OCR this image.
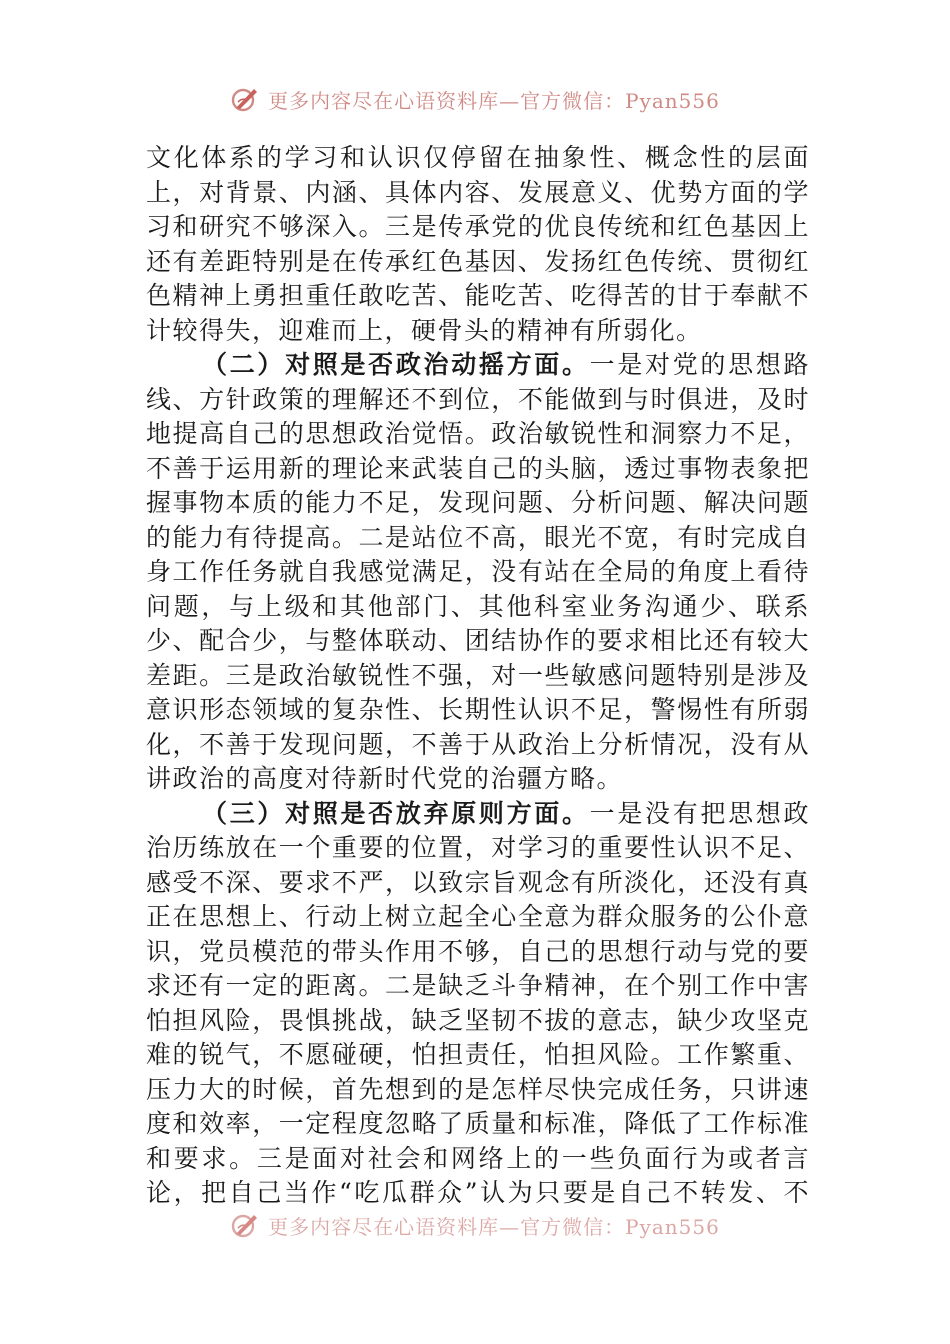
更多内容尽在心语资料库—官方微信：Pyan556

文化体系的学习和认识仅停留在抽象性、概念性的层面上，对背景、内涵、具体内容、发展意义、优势方面的学习和研究不够深入。三是传承党的优良传统和红色基因上还有差距特别是在传承红色基因、发扬红色传统、贯彻红色精神上勇担重任敢吃苦、能吃苦、吃得苦的甘于奉献不计较得失，迎难而上，硬骨头的精神有所弱化。

（二）对照是否政治动摇方面。一是对党的思想路线、方针政策的理解还不到位，不能做到与时俱进，及时地提高自己的思想政治觉悟。政治敏锐性和洞察力不足，不善于运用新的理论来武装自己的头脑，透过事物表象把握事物本质的能力不足，发现问题、分析问题、解决问题的能力有待提高。二是站位不高，眼光不宽，有时完成自身工作任务就自我感觉满足，没有站在全局的角度上看待问题，与上级和其他部门、其他科室业务沟通少、联系少、配合少，与整体联动、团结协作的要求相比还有较大差距。三是政治敏锐性不强，对一些敏感问题特别是涉及意识形态领域的复杂性、长期性认识不足，警惕性有所弱化，不善于发现问题，不善于从政治上分析情况，没有从讲政治的高度对待新时代党的治疆方略。

（三）对照是否放弃原则方面。一是没有把思想政治历练放在一个重要的位置，对学习的重要性认识不足、感受不深、要求不严，以致宗旨观念有所淡化，还没有真正在思想上、行动上树立起全心全意为群众服务的公仆意识，党员模范的带头作用不够，自己的思想行动与党的要求还有一定的距离。二是缺乏斗争精神，在个别工作中害怕担风险，畏惧挑战，缺乏坚韧不拔的意志，缺少攻坚克难的锐气，不愿碰硬，怕担责任，怕担风险。工作繁重、压力大的时候，首先想到的是怎样尽快完成任务，只讲速度和效率，一定程度忽略了质量和标准，降低了工作标准和要求。三是面对社会和网络上的一些负面行为或者言论，把自己当作“吃瓜群众”认为只要是自己不转发、不

更多内容尽在心语资料库—官方微信：Pyan556
